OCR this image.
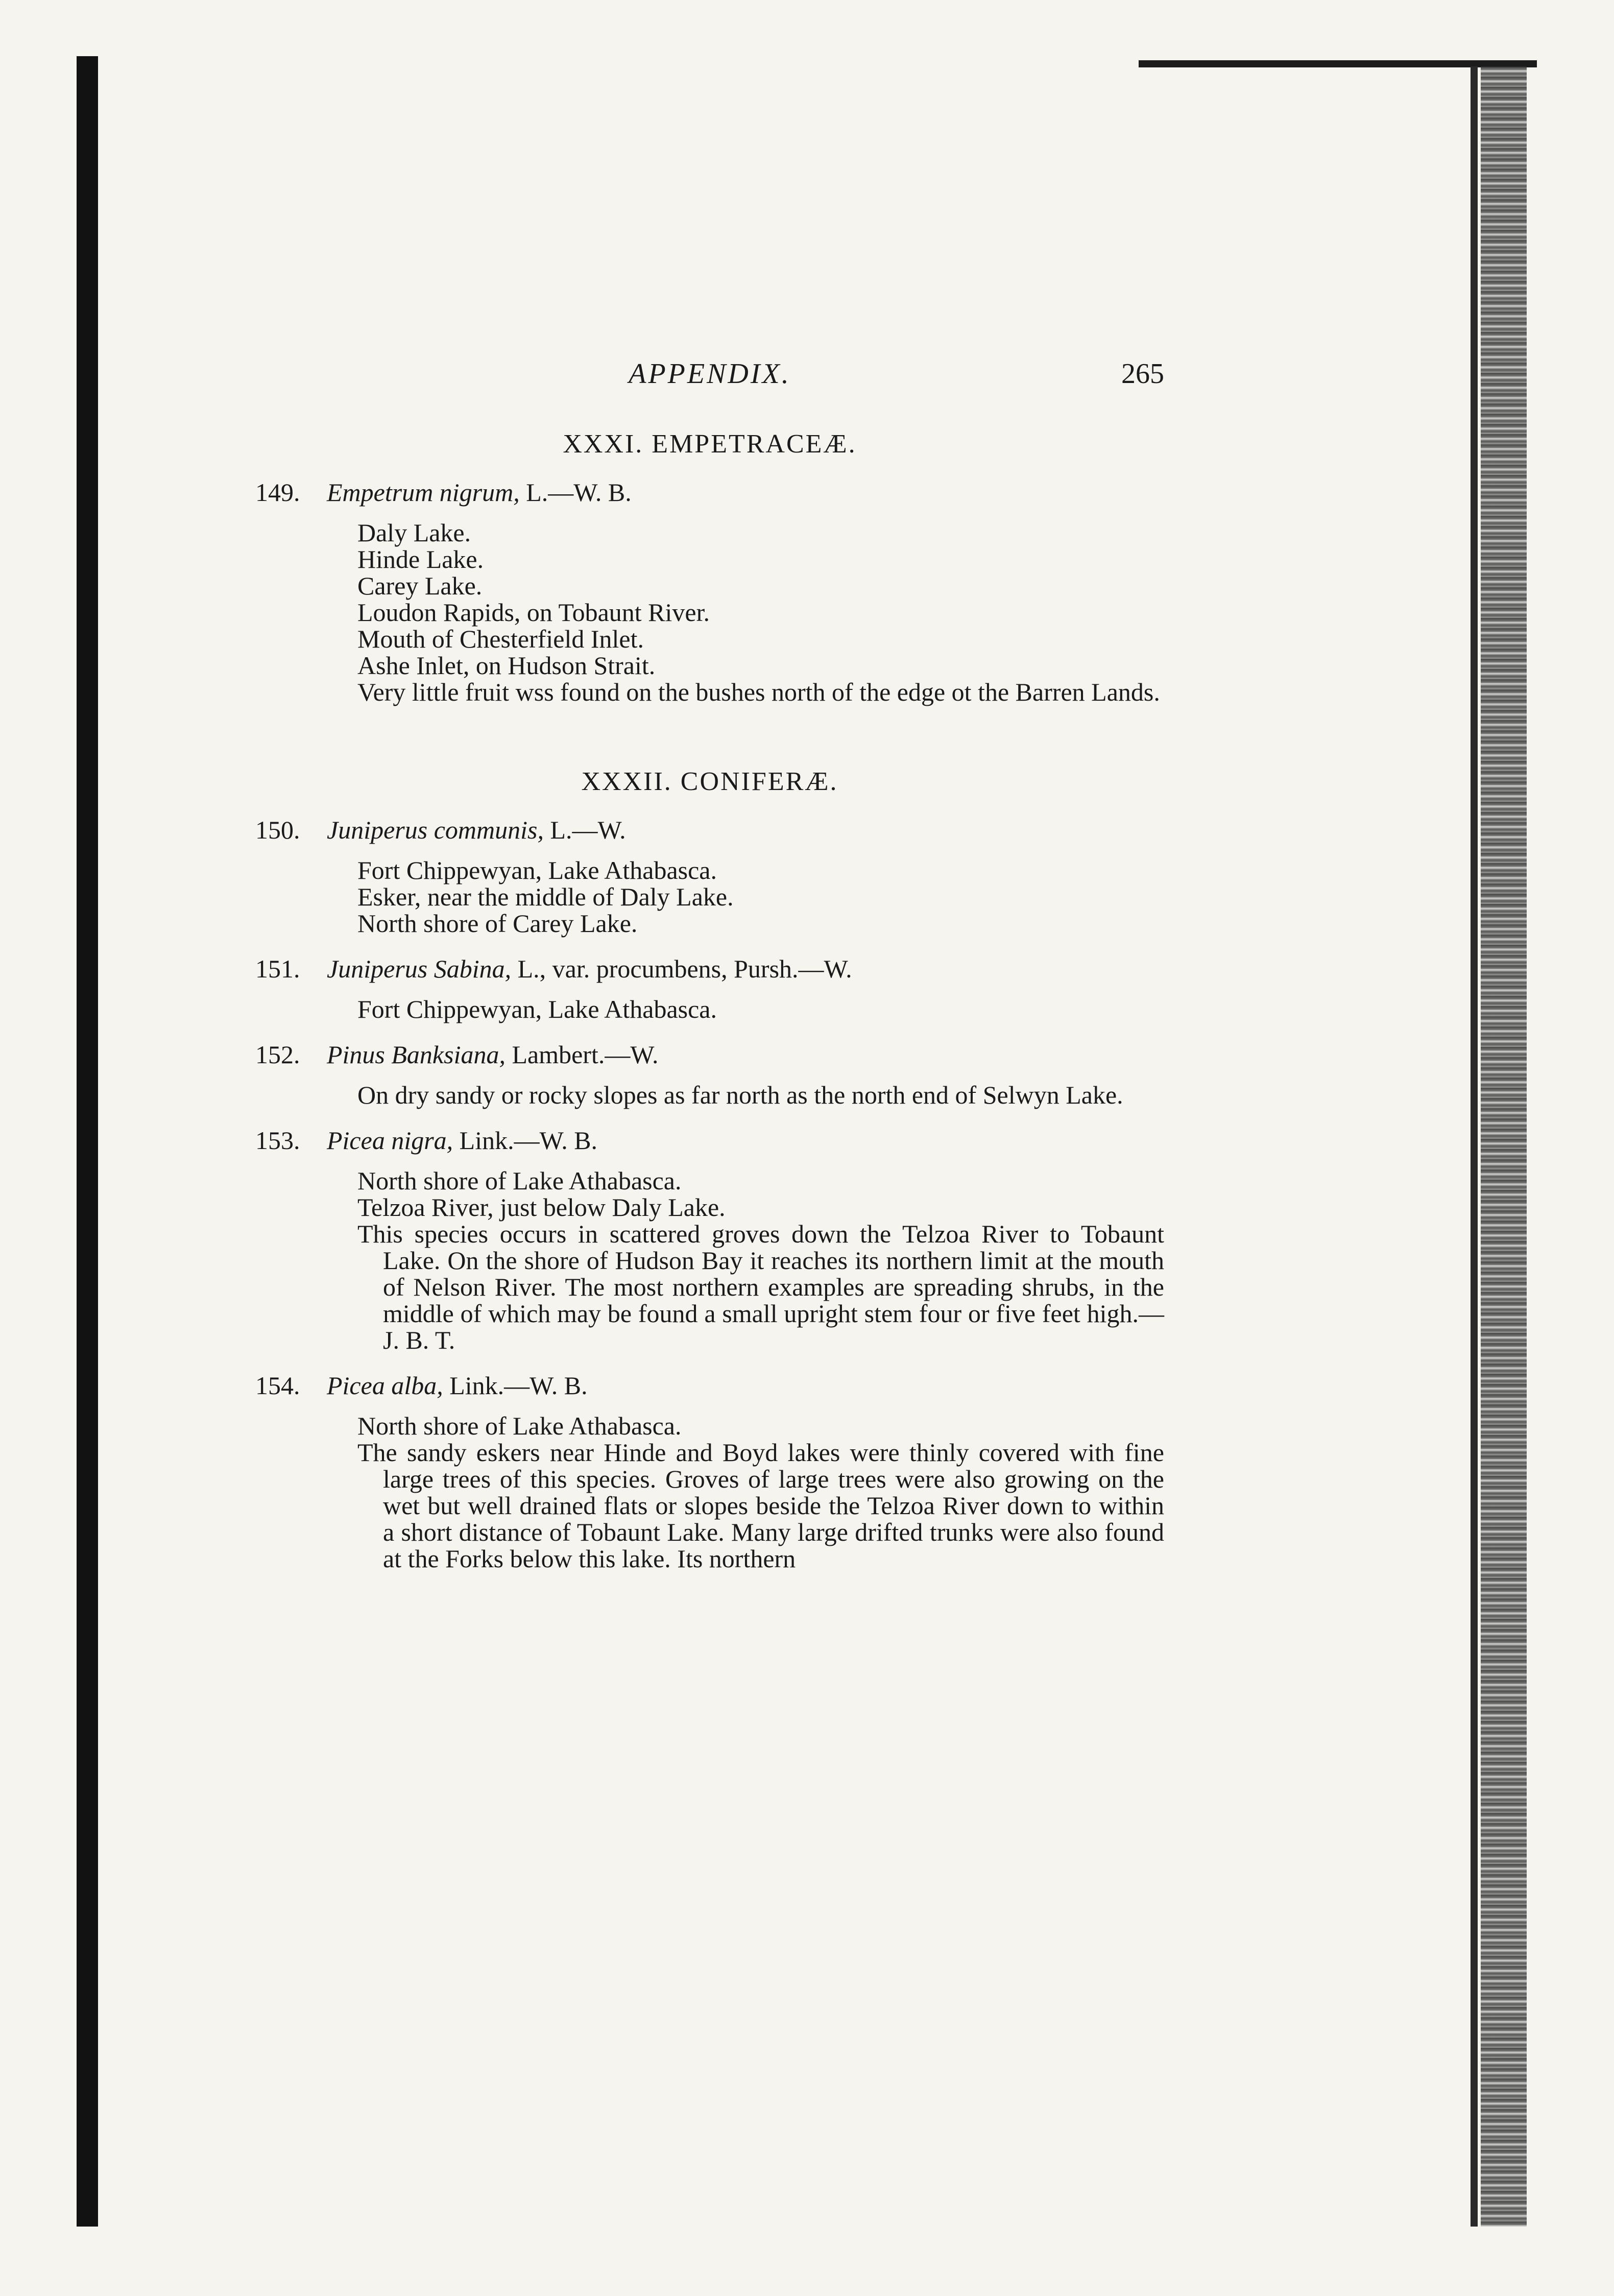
APPENDIX.	265
XXXI. EMPETRACEÆ.
149. Empetrum nigrum, L.—W. B.
Daly Lake.
Hinde Lake.
Carey Lake.
Loudon Rapids, on Tobaunt River.
Mouth of Chesterfield Inlet.
Ashe Inlet, on Hudson Strait.
Very little fruit wss found on the bushes north of the edge ot the Barren Lands.
XXXII. CONIFERÆ.
150. Juniperus communis, L.—W.
Fort Chippewyan, Lake Athabasca.
Esker, near the middle of Daly Lake.
North shore of Carey Lake.
151. Juniperus Sabina, L., var. procumbens, Pursh.—W.
Fort Chippewyan, Lake Athabasca.
152. Pinus Banksiana, Lambert.—W.
On dry sandy or rocky slopes as far north as the north end of Selwyn Lake.
153. Picea nigra, Link.—W. B.
North shore of Lake Athabasca.
Telzoa River, just below Daly Lake.
This species occurs in scattered groves down the Telzoa River to Tobaunt Lake. On the shore of Hudson Bay it reaches its northern limit at the mouth of Nelson River. The most northern examples are spreading shrubs, in the middle of which may be found a small upright stem four or five feet high.—J. B. T.
154. Picea alba, Link.—W. B.
North shore of Lake Athabasca.
The sandy eskers near Hinde and Boyd lakes were thinly covered with fine large trees of this species. Groves of large trees were also growing on the wet but well drained flats or slopes beside the Telzoa River down to within a short distance of Tobaunt Lake. Many large drifted trunks were also found at the Forks below this lake. Its northern
